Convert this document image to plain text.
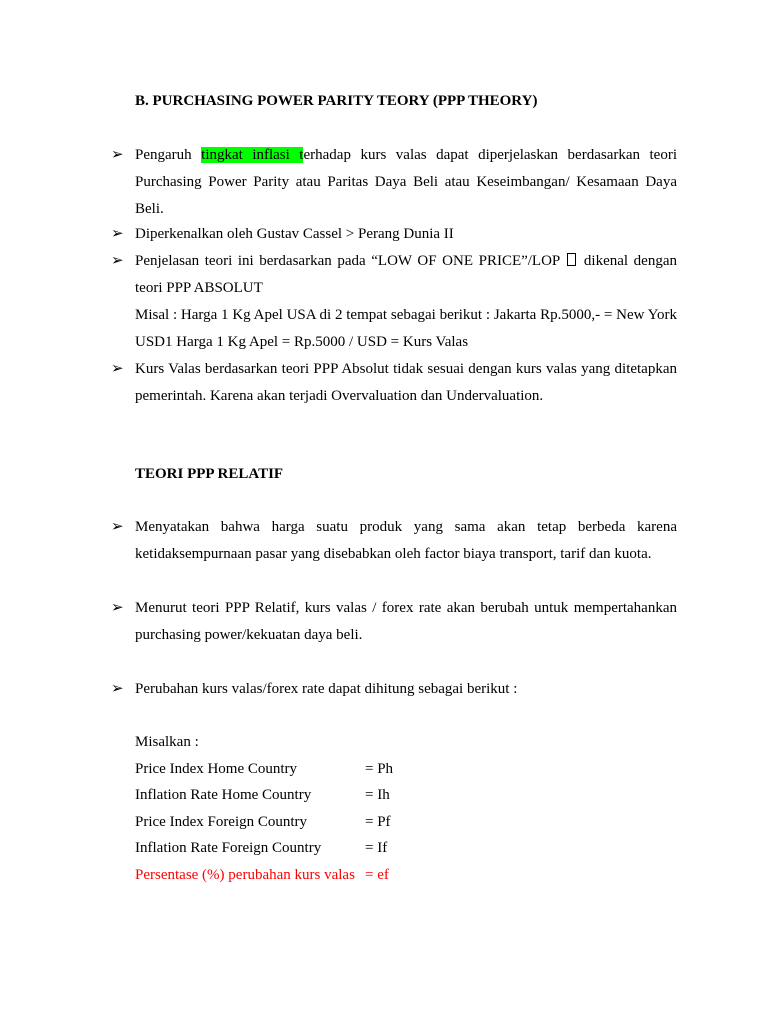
B. PURCHASING POWER PARITY TEORY (PPP THEORY)
➢ Pengaruh tingkat inflasi terhadap kurs valas dapat diperjelaskan berdasarkan teori Purchasing Power Parity atau Paritas Daya Beli atau Keseimbangan/ Kesamaan Daya Beli.
➢ Diperkenalkan oleh Gustav Cassel > Perang Dunia II
➢ Penjelasan teori ini berdasarkan pada “LOW OF ONE PRICE”/LOP  dikenal dengan teori PPP ABSOLUT
Misal : Harga 1 Kg Apel USA di 2 tempat sebagai berikut : Jakarta Rp.5000,- = New York USD1 Harga 1 Kg Apel = Rp.5000 / USD = Kurs Valas
➢ Kurs Valas berdasarkan teori PPP Absolut tidak sesuai dengan kurs valas yang ditetapkan pemerintah. Karena akan terjadi Overvaluation dan Undervaluation.
TEORI PPP RELATIF
➢ Menyatakan bahwa harga suatu produk yang sama akan tetap berbeda karena ketidaksempurnaan pasar yang disebabkan oleh factor biaya transport, tarif dan kuota.
➢ Menurut teori PPP Relatif, kurs valas / forex rate akan berubah untuk mempertahankan purchasing power/kekuatan daya beli.
➢ Perubahan kurs valas/forex rate dapat dihitung sebagai berikut :
Misalkan :
Price Index Home Country	= Ph
Inflation Rate Home Country	= Ih
Price Index Foreign Country	= Pf
Inflation Rate Foreign Country	= If
Persentase (%) perubahan kurs valas = ef
